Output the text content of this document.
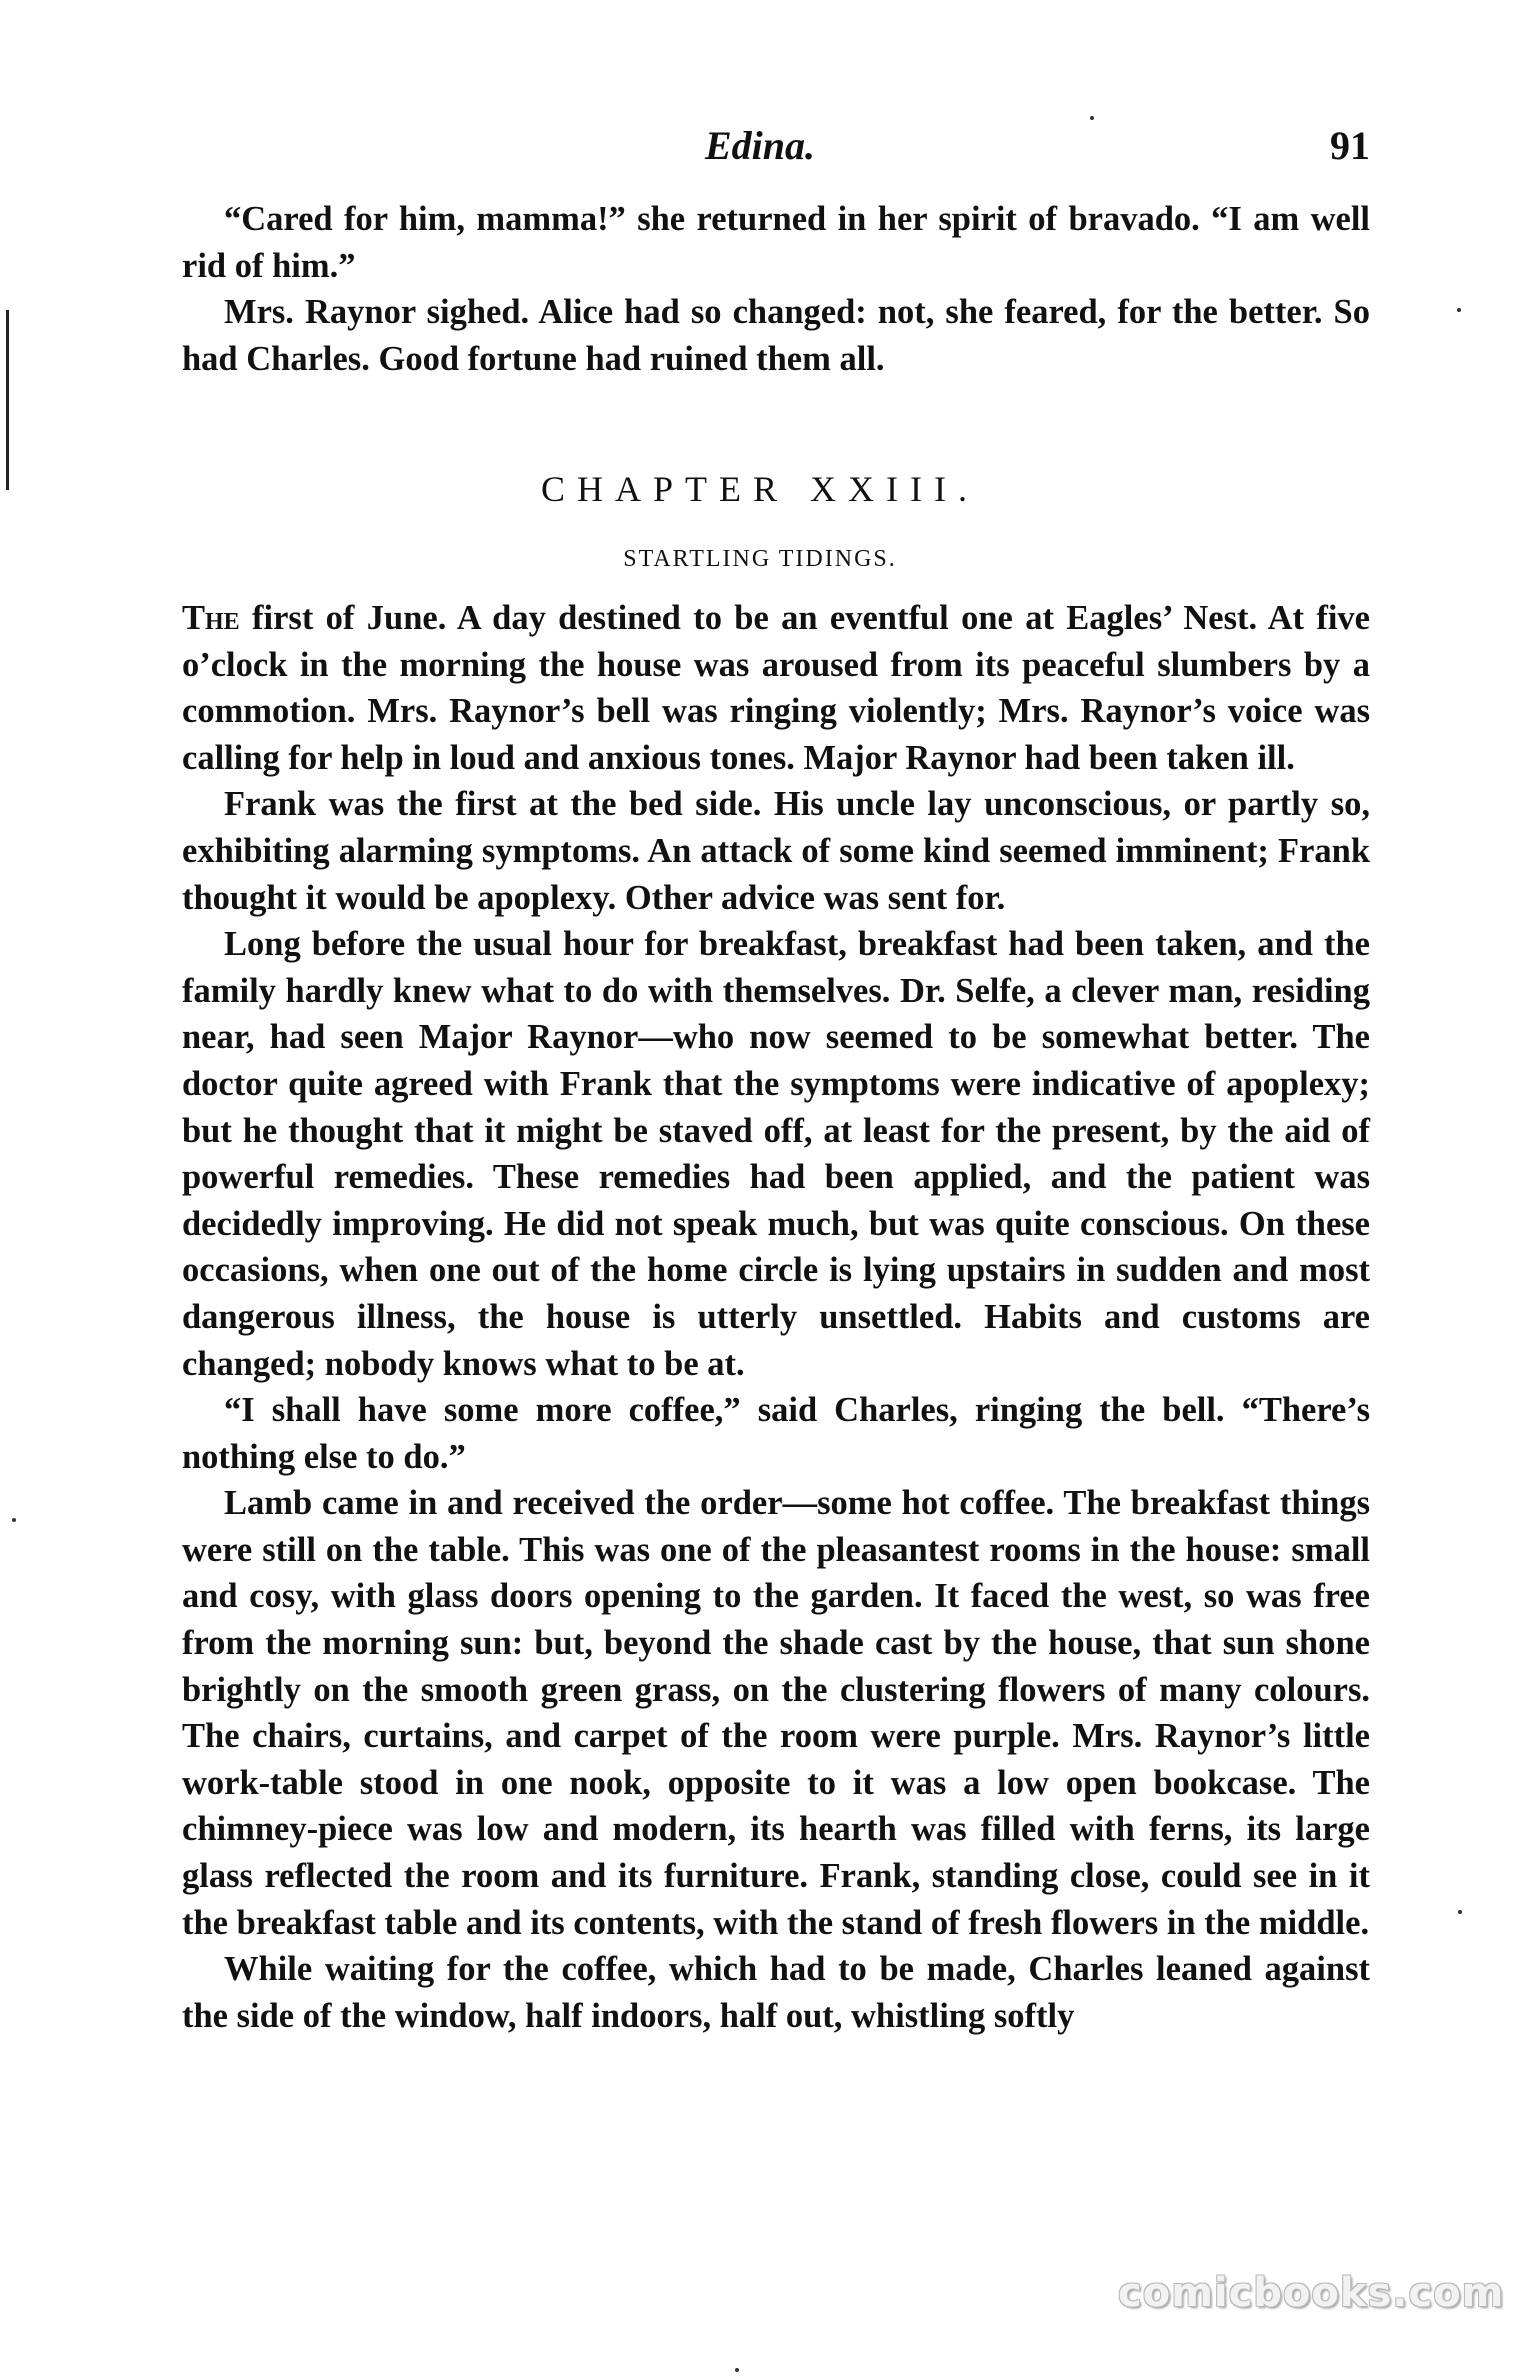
Edina.	91

“Cared for him, mamma!” she returned in her spirit of bravado. “I am well rid of him.”

Mrs. Raynor sighed. Alice had so changed: not, she feared, for the better. So had Charles. Good fortune had ruined them all.

CHAPTER XXIII.
STARTLING TIDINGS.

The first of June. A day destined to be an eventful one at Eagles’ Nest. At five o’clock in the morning the house was aroused from its peaceful slumbers by a commotion. Mrs. Raynor’s bell was ringing violently; Mrs. Raynor’s voice was calling for help in loud and anxious tones. Major Raynor had been taken ill.

Frank was the first at the bed side. His uncle lay unconscious, or partly so, exhibiting alarming symptoms. An attack of some kind seemed imminent; Frank thought it would be apoplexy. Other advice was sent for.

Long before the usual hour for breakfast, breakfast had been taken, and the family hardly knew what to do with themselves. Dr. Selfe, a clever man, residing near, had seen Major Raynor—who now seemed to be somewhat better. The doctor quite agreed with Frank that the symptoms were indicative of apoplexy; but he thought that it might be staved off, at least for the present, by the aid of powerful remedies. These remedies had been applied, and the patient was decidedly improving. He did not speak much, but was quite conscious. On these occasions, when one out of the home circle is lying upstairs in sudden and most dangerous illness, the house is utterly unsettled. Habits and customs are changed; nobody knows what to be at.

“I shall have some more coffee,” said Charles, ringing the bell. “There’s nothing else to do.”

Lamb came in and received the order—some hot coffee. The breakfast things were still on the table. This was one of the pleasantest rooms in the house: small and cosy, with glass doors opening to the garden. It faced the west, so was free from the morning sun: but, beyond the shade cast by the house, that sun shone brightly on the smooth green grass, on the clustering flowers of many colours. The chairs, curtains, and carpet of the room were purple. Mrs. Raynor’s little work-table stood in one nook, opposite to it was a low open bookcase. The chimney-piece was low and modern, its hearth was filled with ferns, its large glass reflected the room and its furniture. Frank, standing close, could see in it the breakfast table and its contents, with the stand of fresh flowers in the middle.

While waiting for the coffee, which had to be made, Charles leaned against the side of the window, half indoors, half out, whistling softly

comicbooks.com
